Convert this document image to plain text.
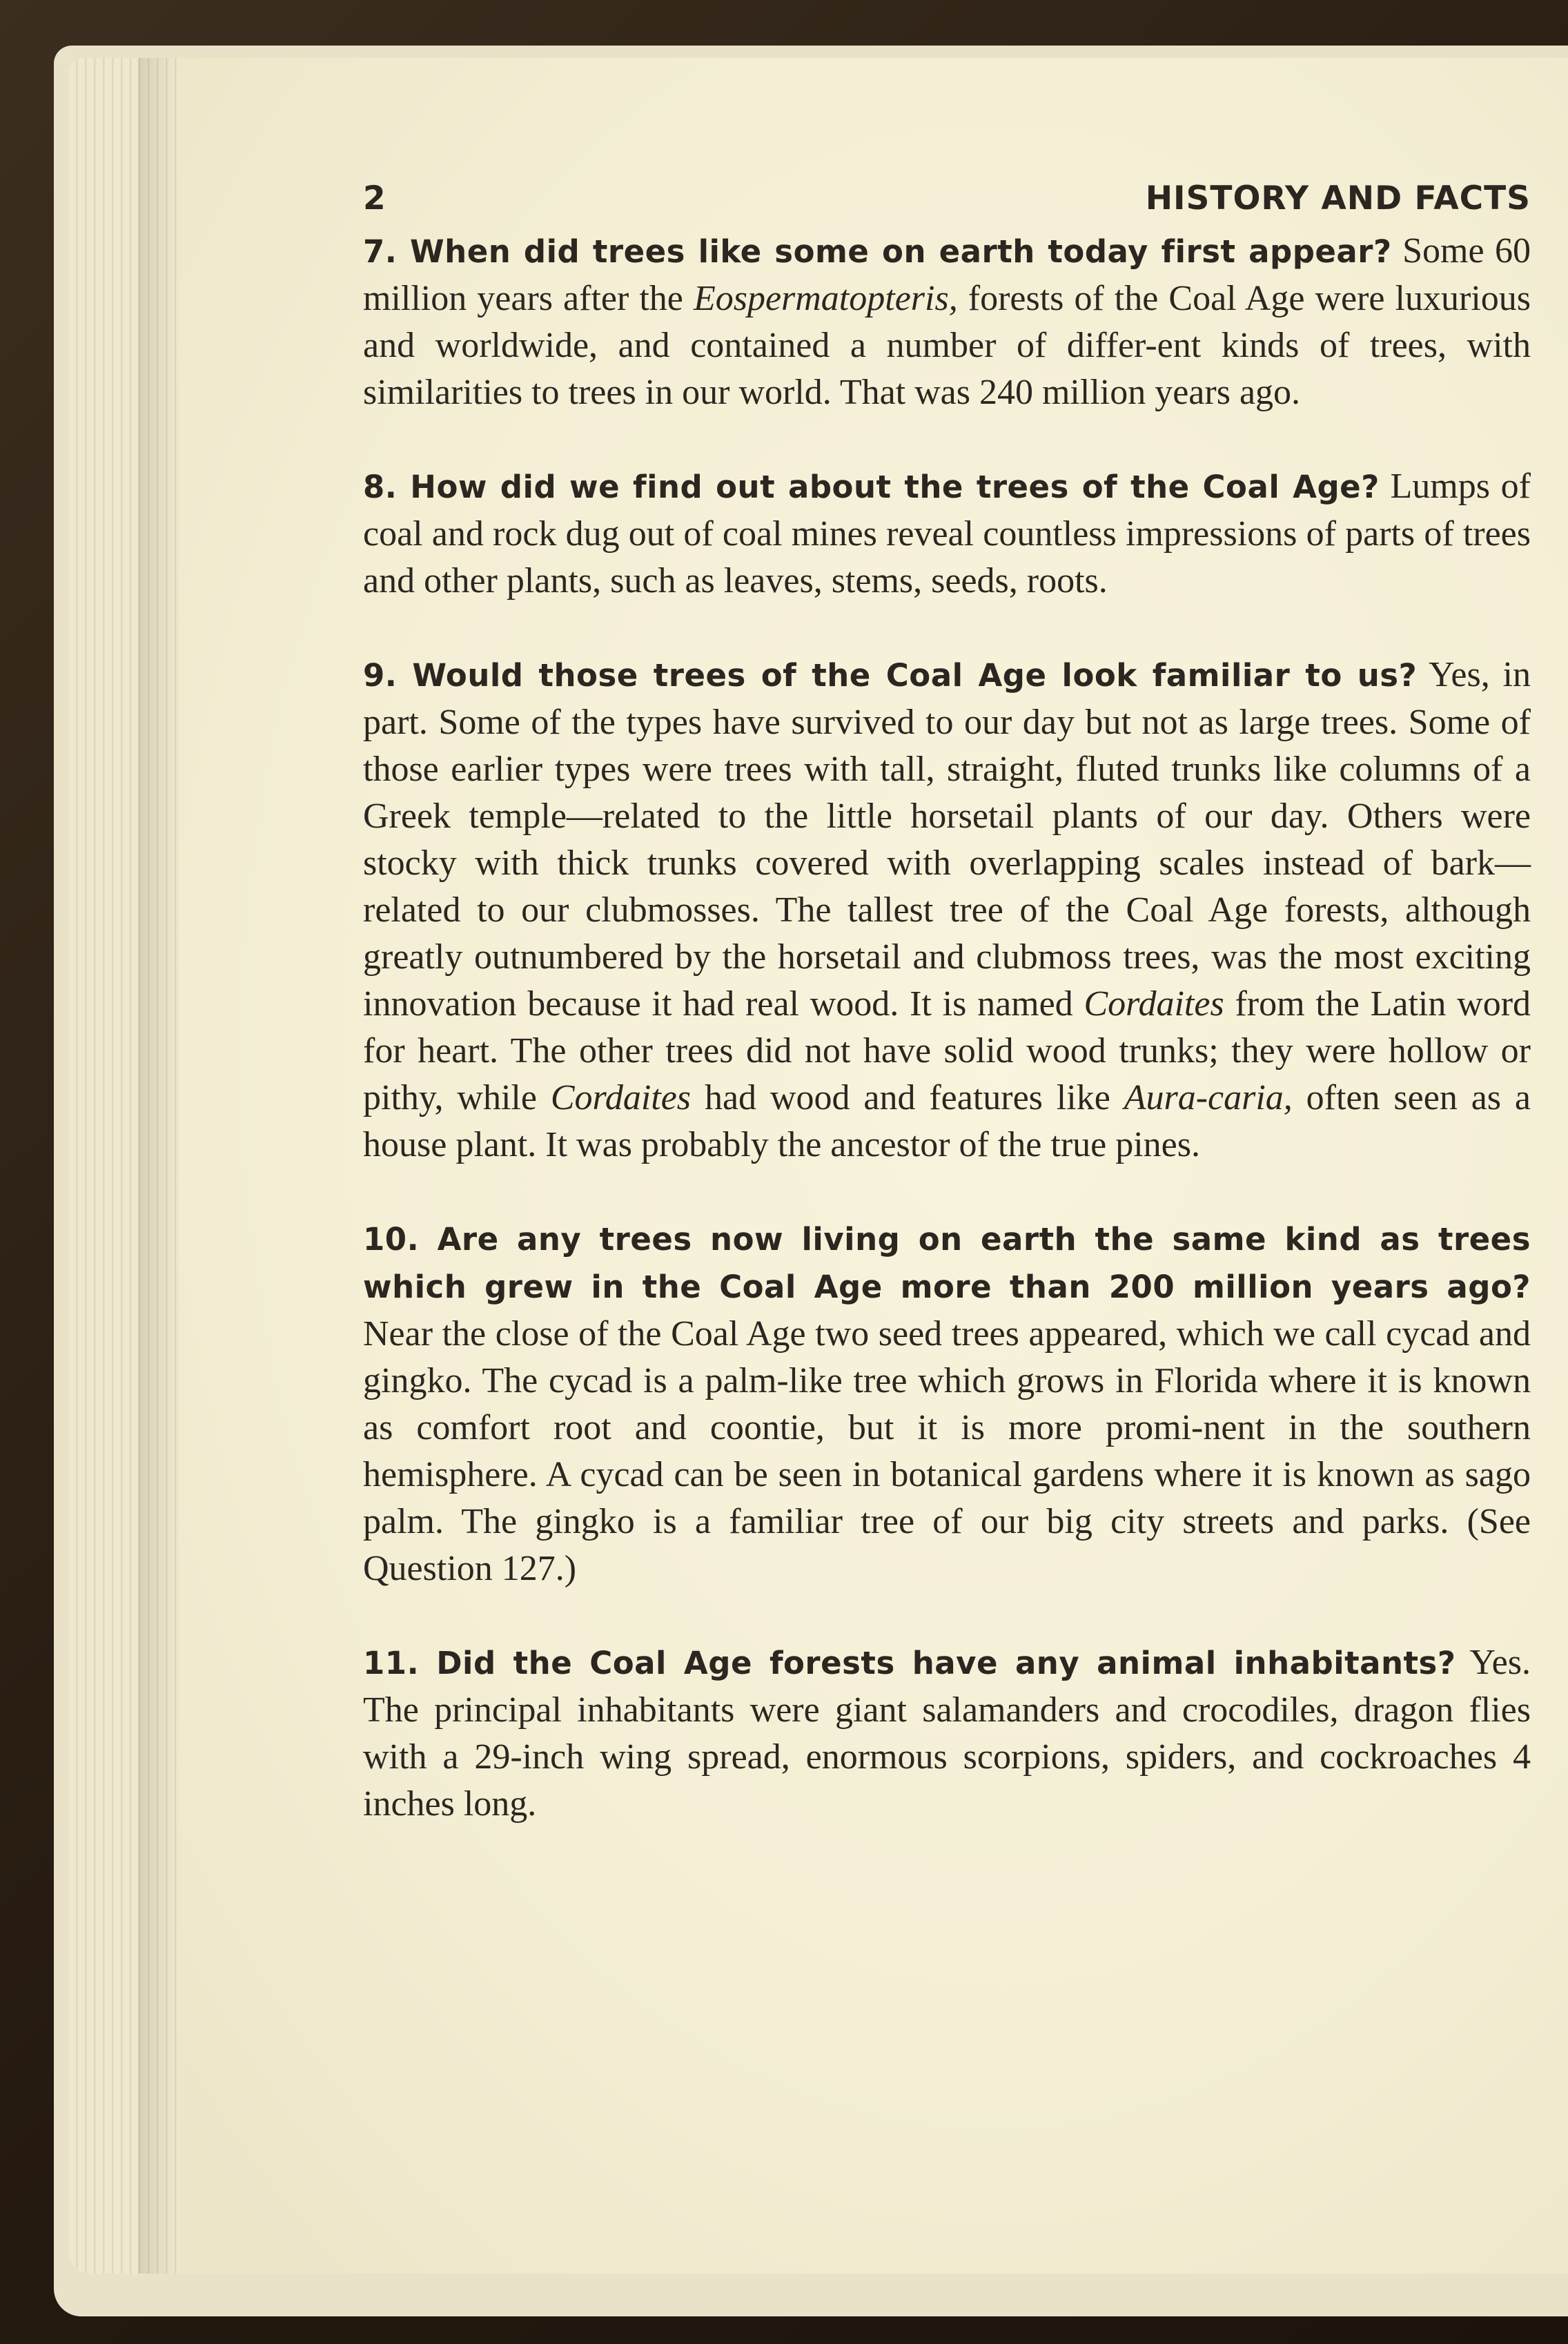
2	HISTORY AND FACTS

7. When did trees like some on earth today first appear? Some 60 million years after the Eospermatopteris, forests of the Coal Age were luxurious and worldwide, and contained a number of differ-ent kinds of trees, with similarities to trees in our world. That was 240 million years ago.

8. How did we find out about the trees of the Coal Age? Lumps of coal and rock dug out of coal mines reveal countless impressions of parts of trees and other plants, such as leaves, stems, seeds, roots.

9. Would those trees of the Coal Age look familiar to us? Yes, in part. Some of the types have survived to our day but not as large trees. Some of those earlier types were trees with tall, straight, fluted trunks like columns of a Greek temple—related to the little horsetail plants of our day. Others were stocky with thick trunks covered with overlapping scales instead of bark—related to our clubmosses. The tallest tree of the Coal Age forests, although greatly outnumbered by the horsetail and clubmoss trees, was the most exciting innovation because it had real wood. It is named Cordaites from the Latin word for heart. The other trees did not have solid wood trunks; they were hollow or pithy, while Cordaites had wood and features like Aura-caria, often seen as a house plant. It was probably the ancestor of the true pines.

10. Are any trees now living on earth the same kind as trees which grew in the Coal Age more than 200 million years ago? Near the close of the Coal Age two seed trees appeared, which we call cycad and gingko. The cycad is a palm-like tree which grows in Florida where it is known as comfort root and coontie, but it is more promi-nent in the southern hemisphere. A cycad can be seen in botanical gardens where it is known as sago palm. The gingko is a familiar tree of our big city streets and parks. (See Question 127.)

11. Did the Coal Age forests have any animal inhabitants? Yes. The principal inhabitants were giant salamanders and crocodiles, dragon flies with a 29-inch wing spread, enormous scorpions, spiders, and cockroaches 4 inches long.
